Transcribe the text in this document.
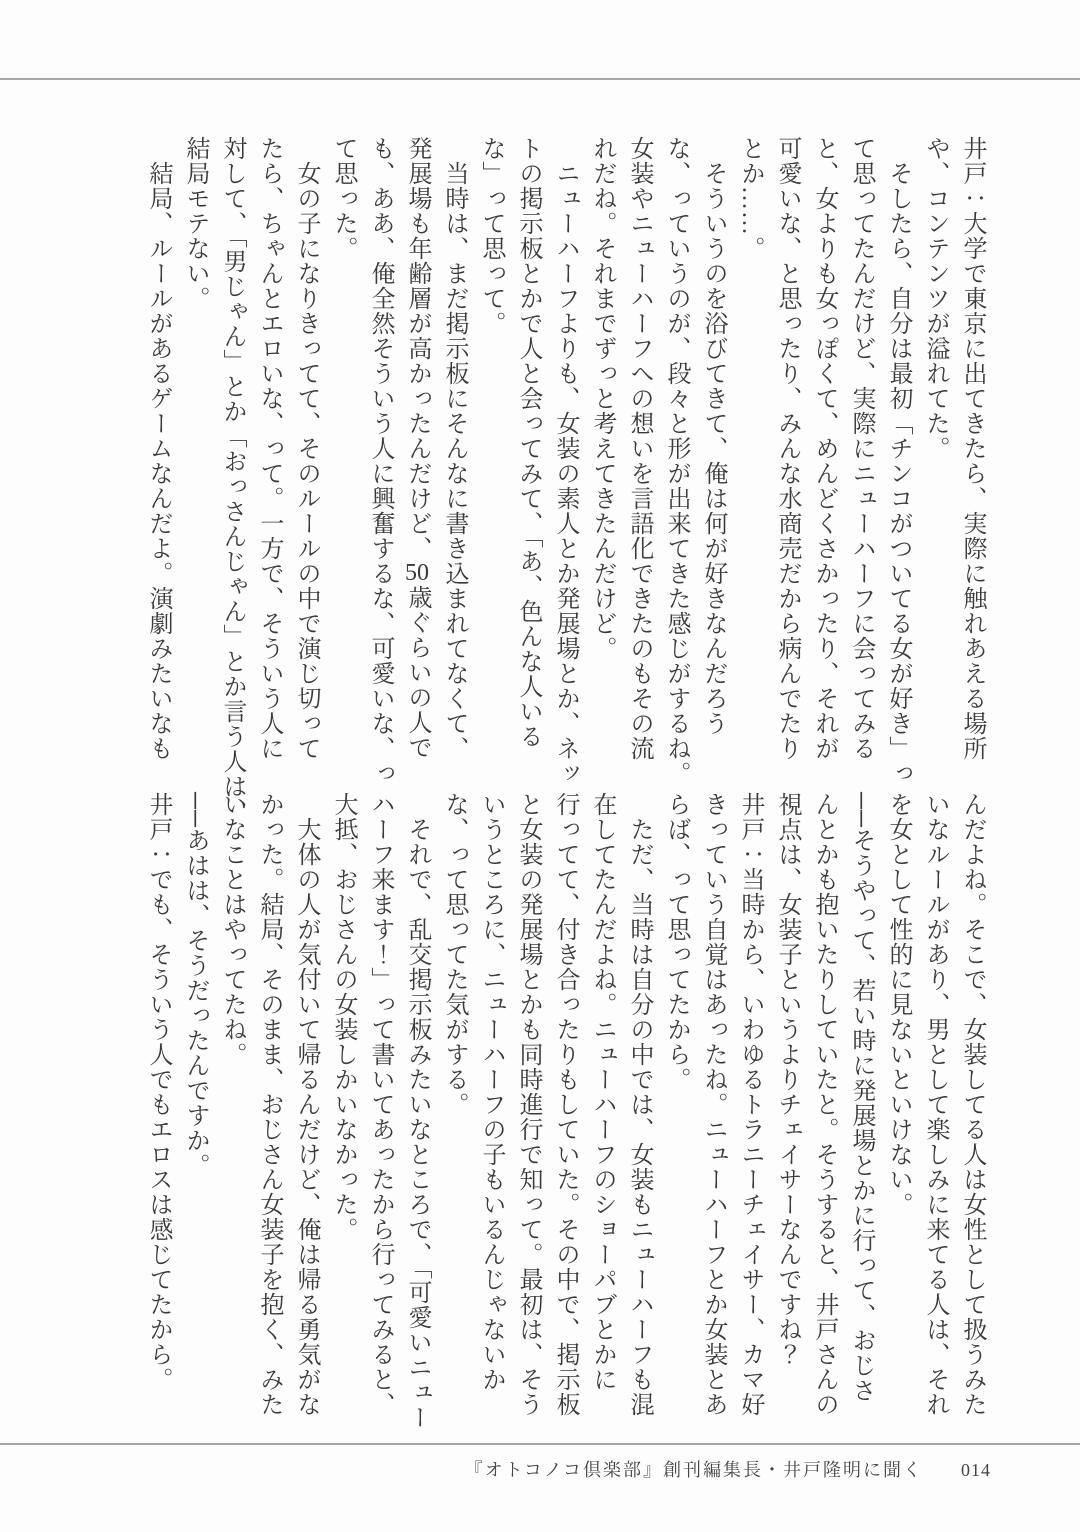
井戸：大学で東京に出てきたら、実際に触れあえる場所
や、コンテンツが溢れてた。
　そしたら、自分は最初「チンコがついてる女が好き」っ
て思ってたんだけど、実際にニューハーフに会ってみる
と、女よりも女っぽくて、めんどくさかったり、それが
可愛いな、と思ったり、みんな水商売だから病んでたり
とか……。
　そういうのを浴びてきて、俺は何が好きなんだろう
な、っていうのが、段々と形が出来てきた感じがするね。
女装やニューハーフへの想いを言語化できたのもその流
れだね。それまでずっと考えてきたんだけど。
　ニューハーフよりも、女装の素人とか発展場とか、ネッ
トの掲示板とかで人と会ってみて、「あ、色んな人いる
な」って思って。
　当時は、まだ掲示板にそんなに書き込まれてなくて、
発展場も年齢層が高かったんだけど、50歳ぐらいの人で
も、ああ、俺全然そういう人に興奮するな、可愛いな、っ
て思った。
　女の子になりきってて、そのルールの中で演じ切って
たら、ちゃんとエロいな、って。一方で、そういう人に
対して、「男じゃん」とか「おっさんじゃん」とか言う人は、
結局モテない。
　結局、ルールがあるゲームなんだよ。演劇みたいなも
んだよね。そこで、女装してる人は女性として扱うみた
いなルールがあり、男として楽しみに来てる人は、それ
を女として性的に見ないといけない。
──そうやって、若い時に発展場とかに行って、おじさ
んとかも抱いたりしていたと。そうすると、井戸さんの
視点は、女装子というよりチェイサーなんですね？
井戸：当時から、いわゆるトラニーチェイサー、カマ好
きっていう自覚はあったね。ニューハーフとか女装とあ
らば、って思ってたから。
　ただ、当時は自分の中では、女装もニューハーフも混
在してたんだよね。ニューハーフのショーパブとかに
行ってて、付き合ったりもしていた。その中で、掲示板
と女装の発展場とかも同時進行で知って。最初は、そう
いうところに、ニューハーフの子もいるんじゃないか
な、って思ってた気がする。
　それで、乱交掲示板みたいなところで、「可愛いニュー
ハーフ来ます！」って書いてあったから行ってみると、
大抵、おじさんの女装しかいなかった。
　大体の人が気付いて帰るんだけど、俺は帰る勇気がな
かった。結局、そのまま、おじさん女装子を抱く、みた
いなことはやってたね。
──あはは、そうだったんですか。
井戸：でも、そういう人でもエロスは感じてたから。
『オトコノコ倶楽部』創刊編集長・井戸隆明に聞く 014
